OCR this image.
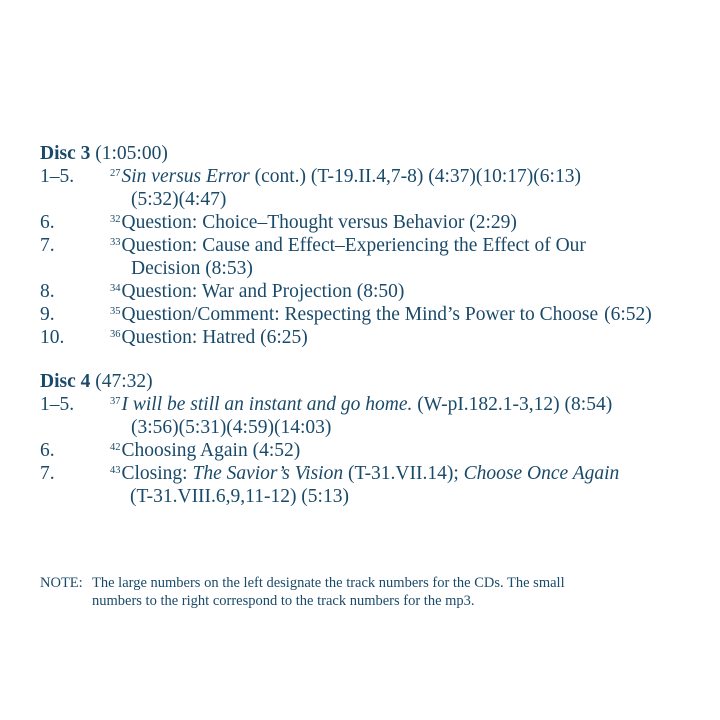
Disc 3 (1:05:00)
1–5.	$^{27}$Sin versus Error (cont.) (T-19.II.4,7-8) (4:37)(10:17)(6:13)
(5:32)(4:47)
6.	$^{32}$Question: Choice–Thought versus Behavior (2:29)
7.	$^{33}$Question: Cause and Effect–Experiencing the Effect of Our
Decision (8:53)
8.	$^{34}$Question: War and Projection (8:50)
9.	$^{35}$Question/Comment: Respecting the Mind’s Power to Choose (6:52)
10.	$^{36}$Question: Hatred (6:25)
Disc 4 (47:32)
1–5.	$^{37}$I will be still an instant and go home. (W-pI.182.1-3,12) (8:54)
(3:56)(5:31)(4:59)(14:03)
6.	$^{42}$Choosing Again (4:52)
7.	$^{43}$Closing: The Savior’s Vision (T-31.VII.14); Choose Once Again
(T-31.VIII.6,9,11-12) (5:13)
NOTE: The large numbers on the left designate the track numbers for the CDs. The small
numbers to the right correspond to the track numbers for the mp3.
